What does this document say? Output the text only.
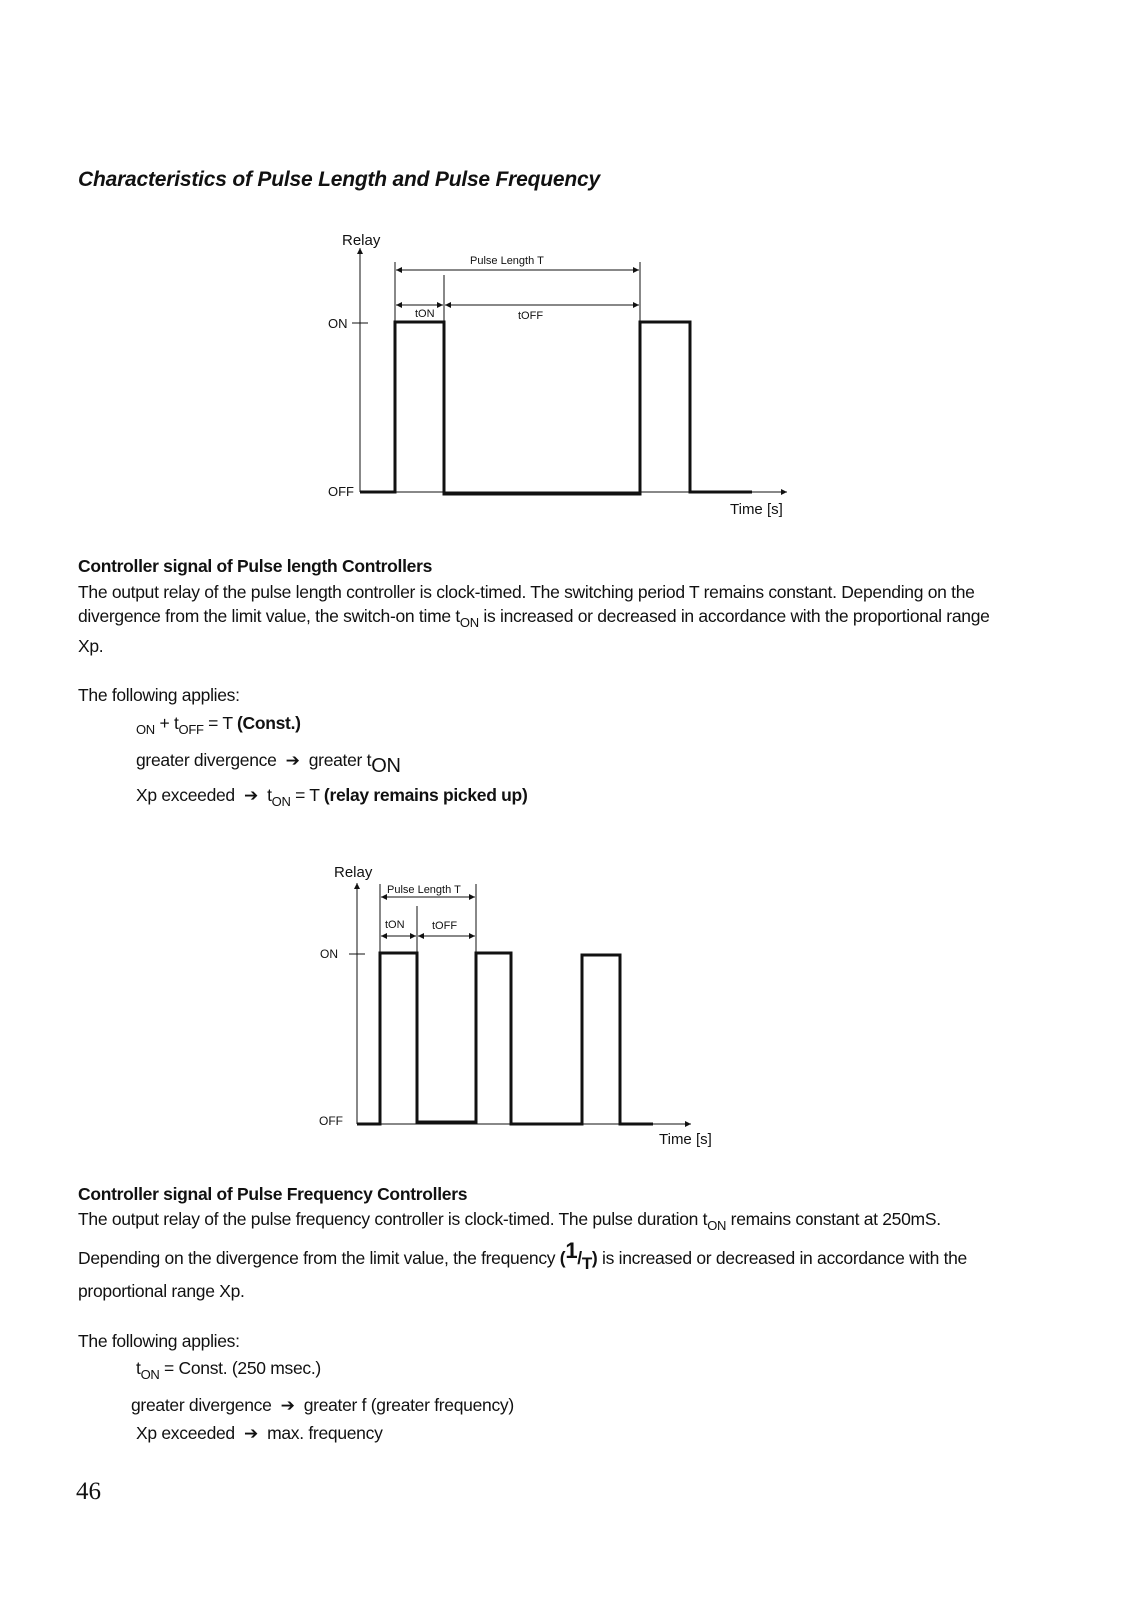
Characteristics of Pulse Length and Pulse Frequency
Relay
Pulse Length T
tON	tOFF
ON
OFF
Time [s]
Relay
Pulse Length T
tON tOFF
ON
OFF
Time [s]
Controller signal of Pulse length Controllers
The output relay of the pulse length controller is clock-timed. The switching period T remains constant. Depending on the
divergence from the limit value, the switch-on time $t_{ON}$ is increased or decreased in accordance with the proportional range
Xp.
The following applies:
$_{ON} + t_{OFF} = T$ (Const.)
greater divergence ➔ greater tON
Xp exceeded ➔ $t_{ON} = T$ (relay remains picked up)
Controller signal of Pulse Frequency Controllers
The output relay of the pulse frequency controller is clock-timed. The pulse duration $t_{ON}$ remains constant at 250mS.
Depending on the divergence from the limit value, the frequency $(1/_T)$ is increased or decreased in accordance with the
proportional range Xp.
The following applies:
$t_{ON}$ = Const. (250 msec.)
greater divergence ➔ greater f (greater frequency)
Xp exceeded ➔ max. frequency
46
